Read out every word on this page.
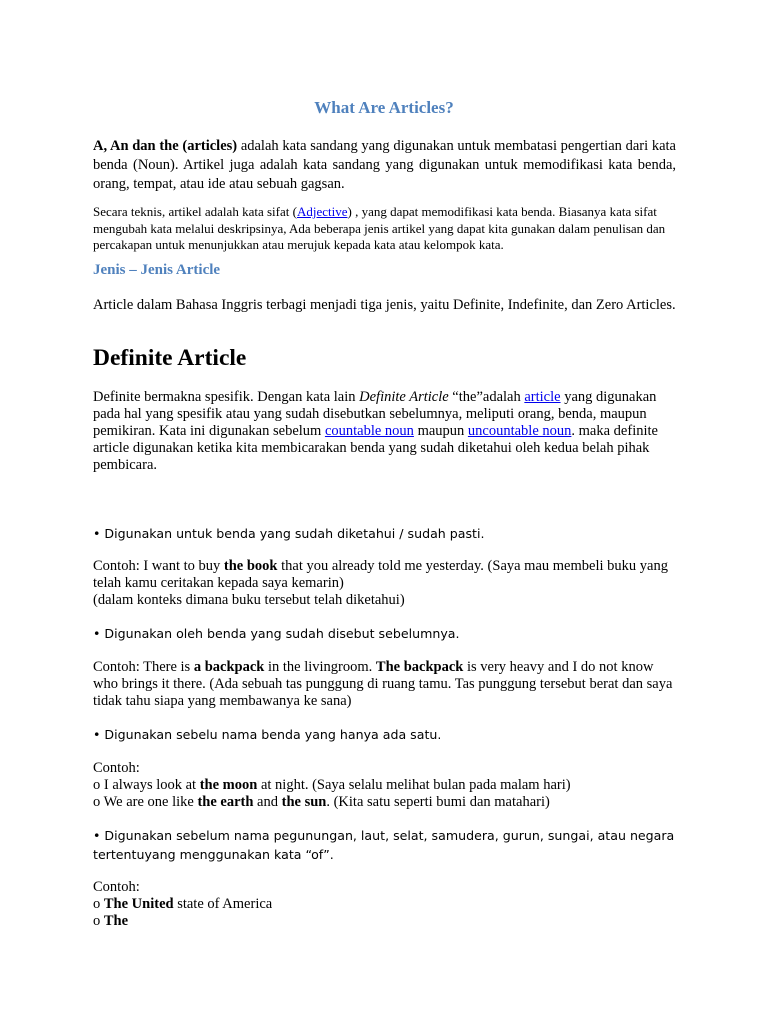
What Are Articles?

A, An dan the (articles) adalah kata sandang yang digunakan untuk membatasi pengertian dari kata benda (Noun). Artikel juga adalah kata sandang yang digunakan untuk memodifikasi kata benda, orang, tempat, atau ide atau sebuah gagsan.

Secara teknis, artikel adalah kata sifat (Adjective) , yang dapat memodifikasi kata benda. Biasanya kata sifat mengubah kata melalui deskripsinya, Ada beberapa jenis artikel yang dapat kita gunakan dalam penulisan dan percakapan untuk menunjukkan atau merujuk kepada kata atau kelompok kata.

Jenis – Jenis Article

Article dalam Bahasa Inggris terbagi menjadi tiga jenis, yaitu Definite, Indefinite, dan Zero Articles.

Definite Article

Definite bermakna spesifik. Dengan kata lain Definite Article “the”adalah article yang digunakan pada hal yang spesifik atau yang sudah disebutkan sebelumnya, meliputi orang, benda, maupun pemikiran. Kata ini digunakan sebelum countable noun maupun uncountable noun. maka definite article digunakan ketika kita membicarakan benda yang sudah diketahui oleh kedua belah pihak pembicara.

• Digunakan untuk benda yang sudah diketahui / sudah pasti.
Contoh: I want to buy the book that you already told me yesterday. (Saya mau membeli buku yang telah kamu ceritakan kepada saya kemarin)
(dalam konteks dimana buku tersebut telah diketahui)
• Digunakan oleh benda yang sudah disebut sebelumnya.
Contoh: There is a backpack in the livingroom. The backpack is very heavy and I do not know who brings it there. (Ada sebuah tas punggung di ruang tamu. Tas punggung tersebut berat dan saya tidak tahu siapa yang membawanya ke sana)
• Digunakan sebelu nama benda yang hanya ada satu.
Contoh:
o I always look at the moon at night. (Saya selalu melihat bulan pada malam hari)
o We are one like the earth and the sun. (Kita satu seperti bumi dan matahari)
• Digunakan sebelum nama pegunungan, laut, selat, samudera, gurun, sungai, atau negara tertentuyang menggunakan kata “of”.
Contoh:
o The United state of America
o The
